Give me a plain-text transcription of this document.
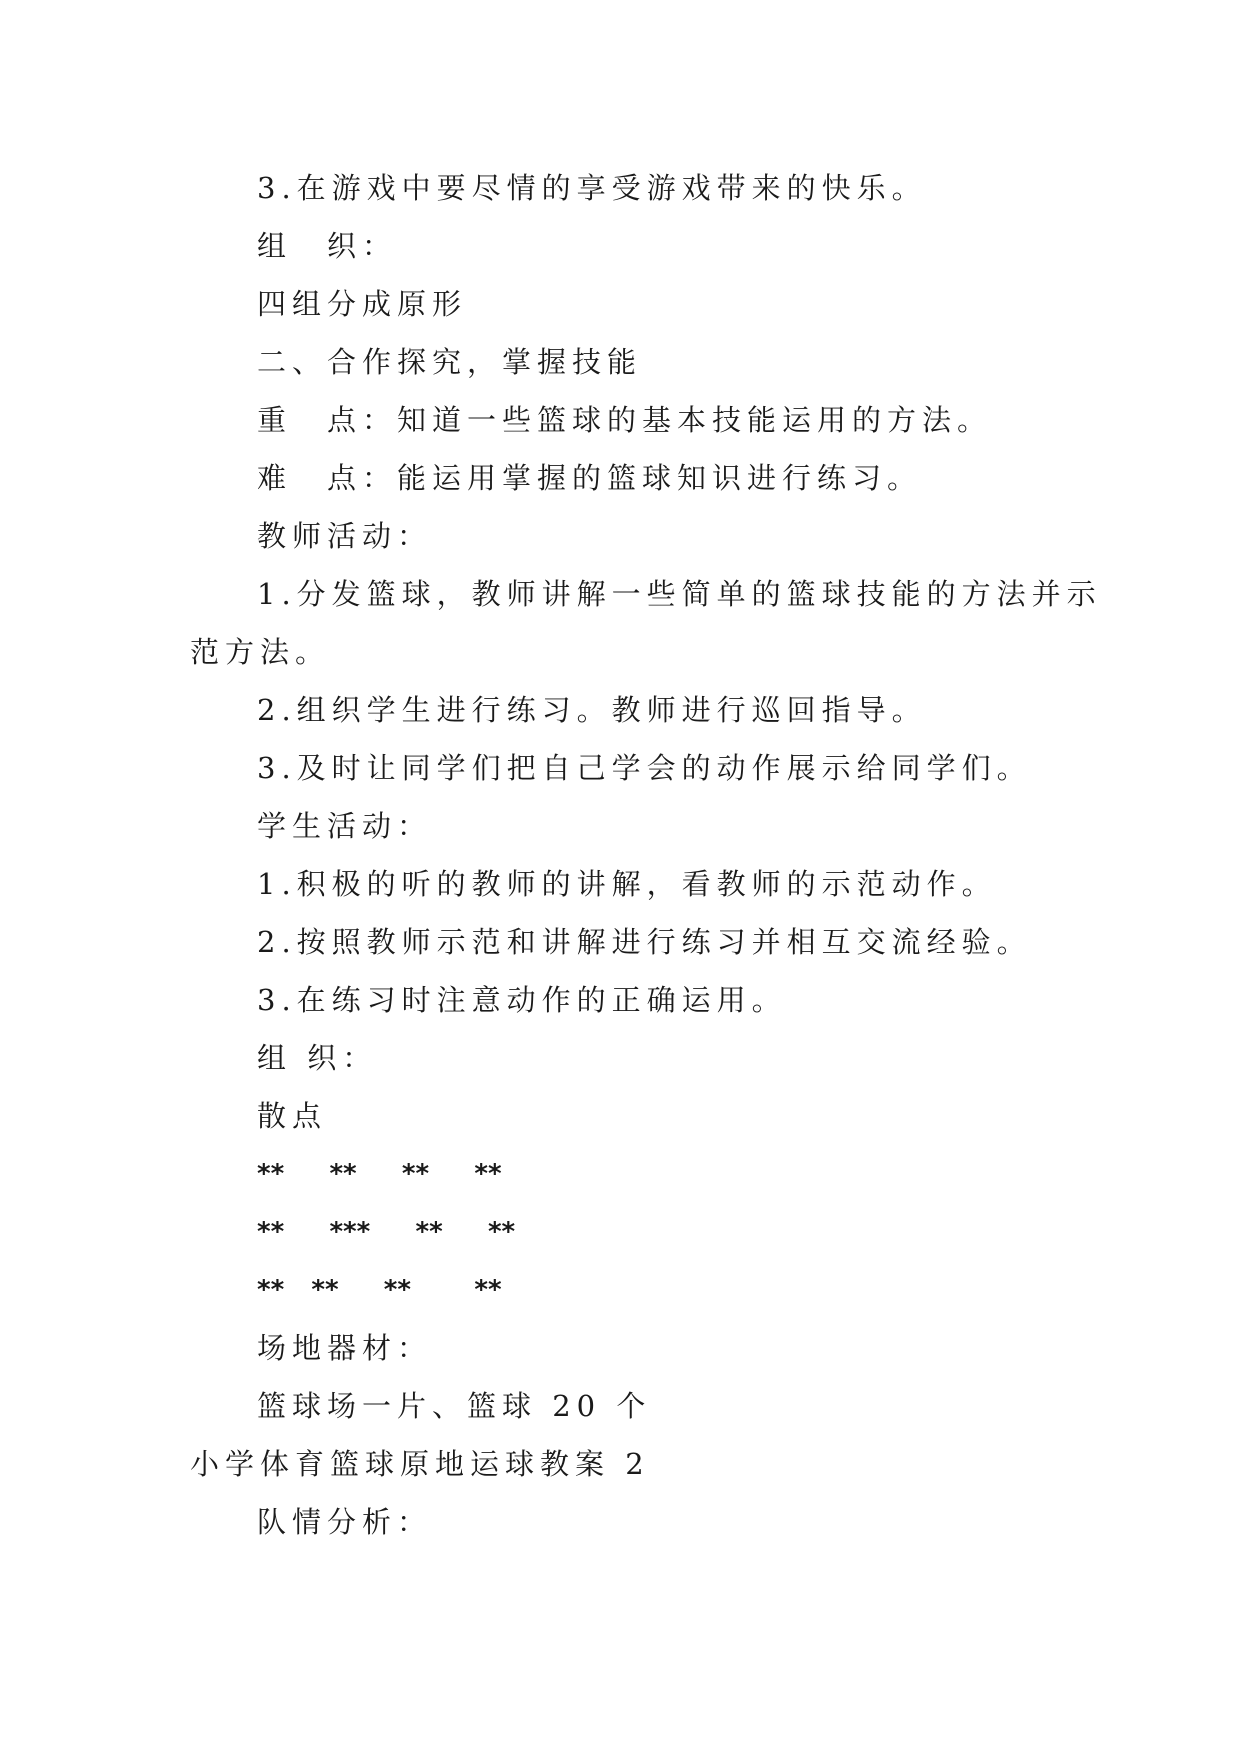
3.在游戏中要尽情的享受游戏带来的快乐。

组　织：

四组分成原形

二、合作探究，掌握技能

重　点：知道一些篮球的基本技能运用的方法。

难　点：能运用掌握的篮球知识进行练习。

教师活动：

1.分发篮球，教师讲解一些简单的篮球技能的方法并示

范方法。

2.组织学生进行练习。教师进行巡回指导。

3.及时让同学们把自己学会的动作展示给同学们。

学生活动：

1.积极的听的教师的讲解，看教师的示范动作。

2.按照教师示范和讲解进行练习并相互交流经验。

3.在练习时注意动作的正确运用。

组 织：

散点

**     **     **     **

**     ***     **     **

**   **     **       **

场地器材：

篮球场一片、篮球 20 个

小学体育篮球原地运球教案 2

队情分析：
